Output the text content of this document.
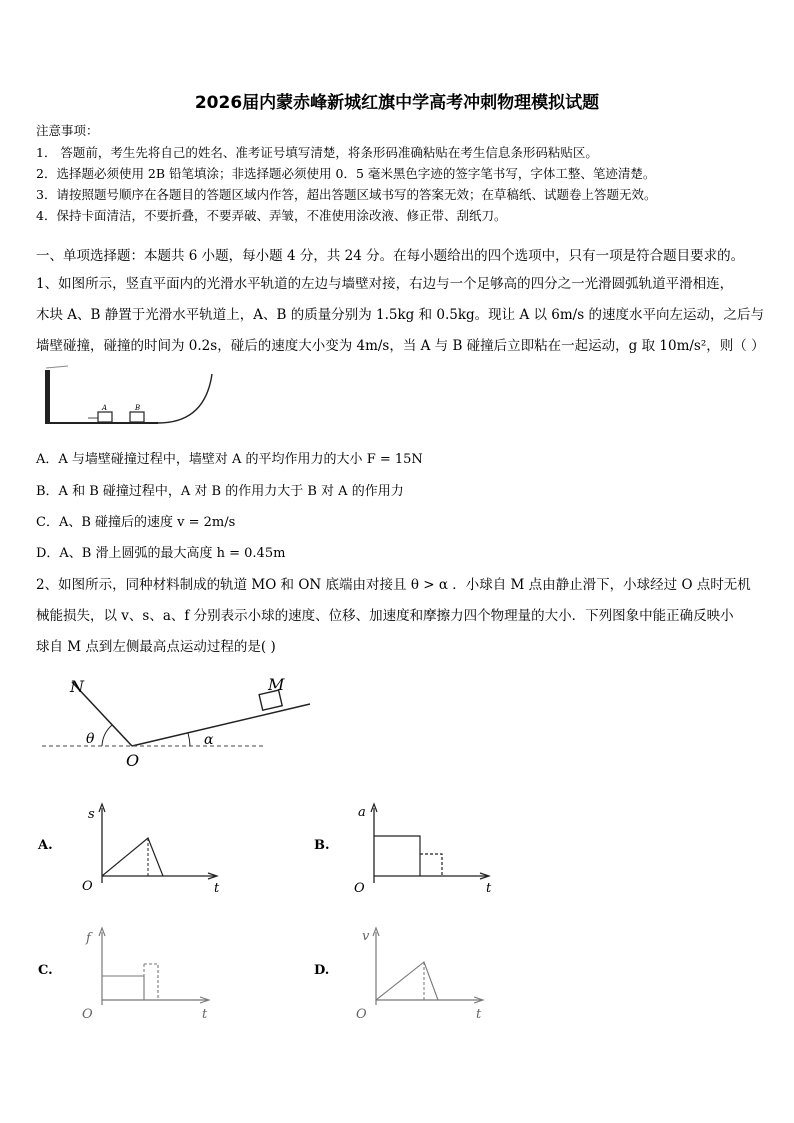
2026届内蒙赤峰新城红旗中学高考冲刺物理模拟试题
注意事项：
1． 答题前，考生先将自己的姓名、准考证号填写清楚，将条形码准确粘贴在考生信息条形码粘贴区。
2．选择题必须使用 2B 铅笔填涂；非选择题必须使用 0．5 毫米黑色字迹的签字笔书写，字体工整、笔迹清楚。
3．请按照题号顺序在各题目的答题区域内作答，超出答题区域书写的答案无效；在草稿纸、试题卷上答题无效。
4．保持卡面清洁，不要折叠，不要弄破、弄皱，不准使用涂改液、修正带、刮纸刀。
一、单项选择题：本题共 6 小题，每小题 4 分，共 24 分。在每小题给出的四个选项中，只有一项是符合题目要求的。
1、如图所示，竖直平面内的光滑水平轨道的左边与墙壁对接，右边与一个足够高的四分之一光滑圆弧轨道平滑相连，
木块 A、B 静置于光滑水平轨道上，A、B 的质量分别为 1.5kg 和 0.5kg。现让 A 以 6m/s 的速度水平向左运动，之后与
墙壁碰撞，碰撞的时间为 0.2s，碰后的速度大小变为 4m/s，当 A 与 B 碰撞后立即粘在一起运动，g 取 10m/s²，则（ ）
A	B
A．A 与墙壁碰撞过程中，墙壁对 A 的平均作用力的大小 F = 15N
B．A 和 B 碰撞过程中，A 对 B 的作用力大于 B 对 A 的作用力
C．A、B 碰撞后的速度 v = 2m/s
D．A、B 滑上圆弧的最大高度 h = 0.45m
2、如图所示，同种材料制成的轨道 MO 和 ON 底端由对接且 θ > α ．小球自 M 点由静止滑下，小球经过 O 点时无机
械能损失，以 v、s、a、f 分别表示小球的速度、位移、加速度和摩擦力四个物理量的大小．下列图象中能正确反映小
球自 M 点到左侧最高点运动过程的是( )
N	M
O
θ	α
A.
s
t
O
B.
a
t
O
C.
f
t
O
D.
v
t
O
